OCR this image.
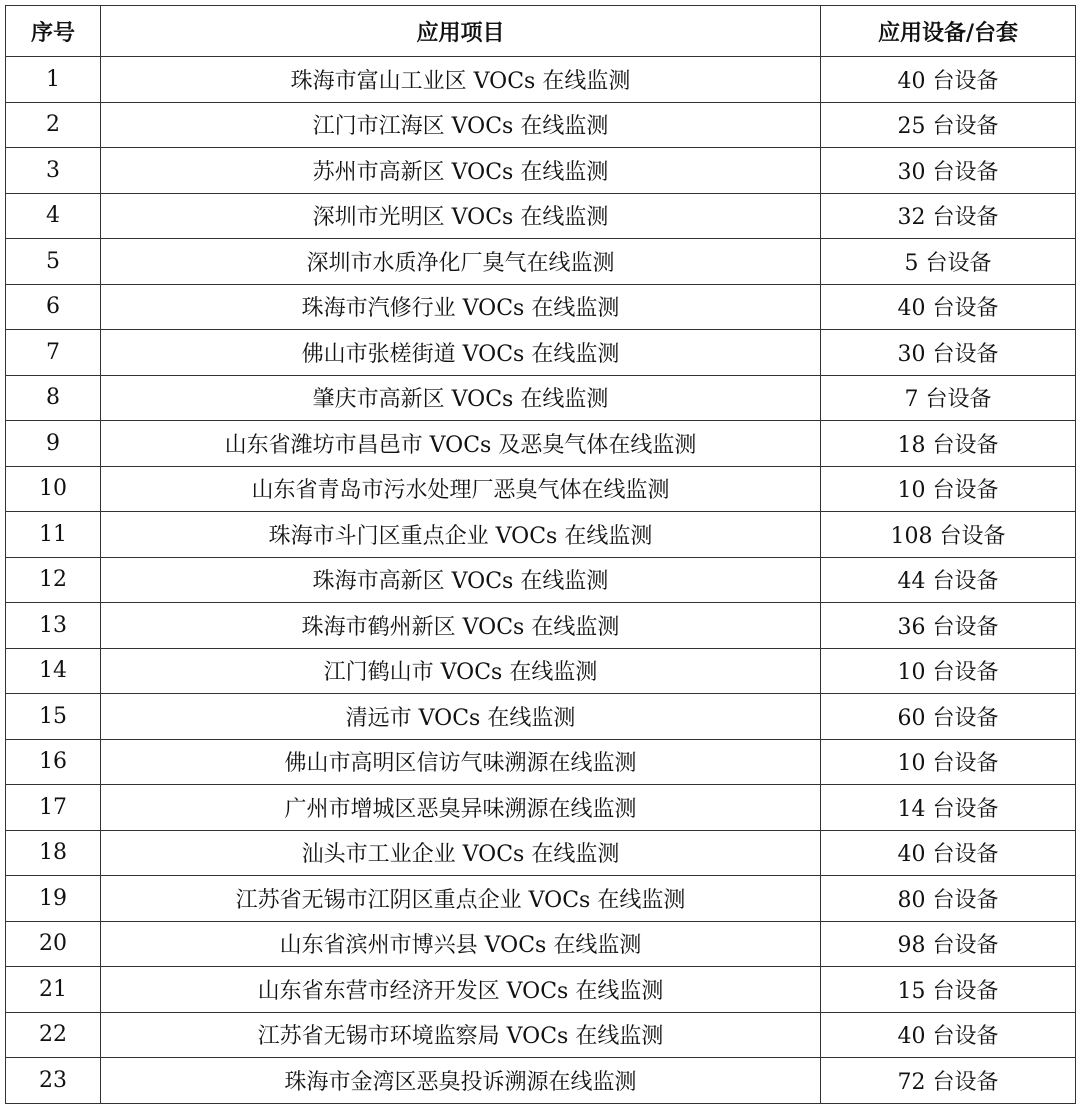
序号	应用项目	应用设备/台套
1	珠海市富山工业区 VOCs 在线监测	40 台设备
2	江门市江海区 VOCs 在线监测	25 台设备
3	苏州市高新区 VOCs 在线监测	30 台设备
4	深圳市光明区 VOCs 在线监测	32 台设备
5	深圳市水质净化厂臭气在线监测	5 台设备
6	珠海市汽修行业 VOCs 在线监测	40 台设备
7	佛山市张槎街道 VOCs 在线监测	30 台设备
8	肇庆市高新区 VOCs 在线监测	7 台设备
9	山东省潍坊市昌邑市 VOCs 及恶臭气体在线监测	18 台设备
10	山东省青岛市污水处理厂恶臭气体在线监测	10 台设备
11	珠海市斗门区重点企业 VOCs 在线监测	108 台设备
12	珠海市高新区 VOCs 在线监测	44 台设备
13	珠海市鹤州新区 VOCs 在线监测	36 台设备
14	江门鹤山市 VOCs 在线监测	10 台设备
15	清远市 VOCs 在线监测	60 台设备
16	佛山市高明区信访气味溯源在线监测	10 台设备
17	广州市增城区恶臭异味溯源在线监测	14 台设备
18	汕头市工业企业 VOCs 在线监测	40 台设备
19	江苏省无锡市江阴区重点企业 VOCs 在线监测	80 台设备
20	山东省滨州市博兴县 VOCs 在线监测	98 台设备
21	山东省东营市经济开发区 VOCs 在线监测	15 台设备
22	江苏省无锡市环境监察局 VOCs 在线监测	40 台设备
23	珠海市金湾区恶臭投诉溯源在线监测	72 台设备
